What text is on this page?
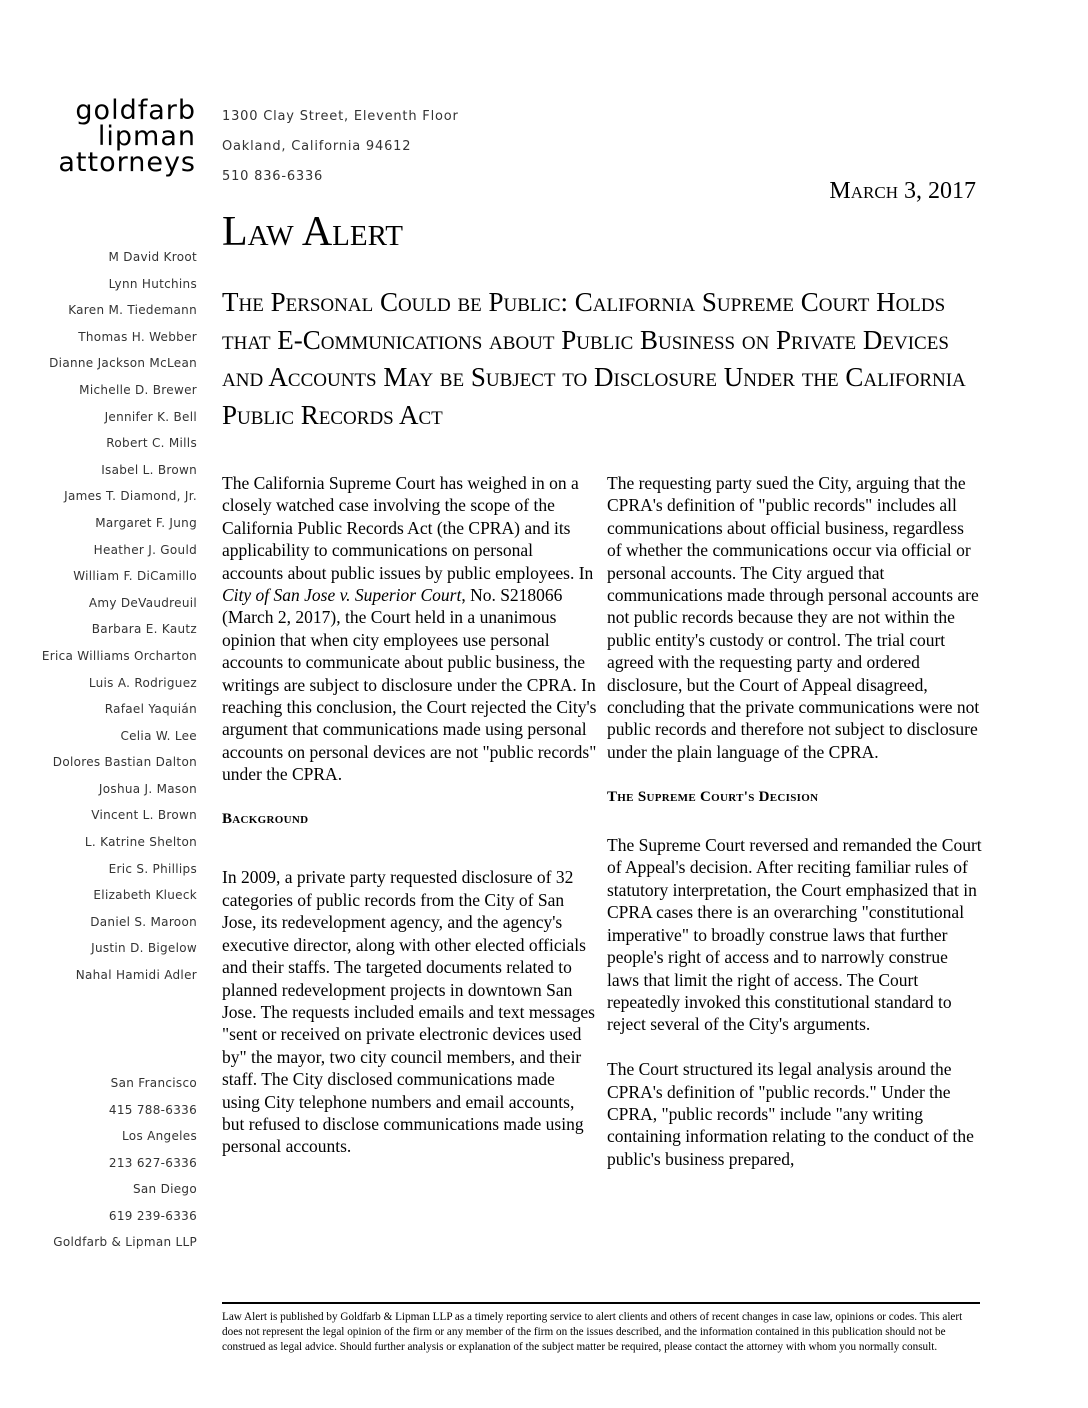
goldfarb
lipman
attorneys
1300 Clay Street, Eleventh Floor
Oakland, California 94612
510 836-6336
March 3, 2017
Law Alert
M David Kroot
Lynn Hutchins
Karen M. Tiedemann
Thomas H. Webber
Dianne Jackson McLean
Michelle D. Brewer
Jennifer K. Bell
Robert C. Mills
Isabel L. Brown
James T. Diamond, Jr.
Margaret F. Jung
Heather J. Gould
William F. DiCamillo
Amy DeVaudreuil
Barbara E. Kautz
Erica Williams Orcharton
Luis A. Rodriguez
Rafael Yaquián
Celia W. Lee
Dolores Bastian Dalton
Joshua J. Mason
Vincent L. Brown
L. Katrine Shelton
Eric S. Phillips
Elizabeth Klueck
Daniel S. Maroon
Justin D. Bigelow
Nahal Hamidi Adler
San Francisco
415 788-6336
Los Angeles
213 627-6336
San Diego
619 239-6336
Goldfarb & Lipman LLP
The Personal Could be Public: California Supreme Court Holds that E-Communications about Public Business on Private Devices and Accounts May be Subject to Disclosure Under the California Public Records Act

The California Supreme Court has weighed in on a closely watched case involving the scope of the California Public Records Act (the CPRA) and its applicability to communications on personal accounts about public issues by public employees. In City of San Jose v. Superior Court, No. S218066 (March 2, 2017), the Court held in a unanimous opinion that when city employees use personal accounts to communicate about public business, the writings are subject to disclosure under the CPRA. In reaching this conclusion, the Court rejected the City's argument that communications made using personal accounts on personal devices are not "public records" under the CPRA.

Background

In 2009, a private party requested disclosure of 32 categories of public records from the City of San Jose, its redevelopment agency, and the agency's executive director, along with other elected officials and their staffs. The targeted documents related to planned redevelopment projects in downtown San Jose. The requests included emails and text messages "sent or received on private electronic devices used by" the mayor, two city council members, and their staff. The City disclosed communications made using City telephone numbers and email accounts, but refused to disclose communications made using personal accounts.

The requesting party sued the City, arguing that the CPRA's definition of "public records" includes all communications about official business, regardless of whether the communications occur via official or personal accounts. The City argued that communications made through personal accounts are not public records because they are not within the public entity's custody or control. The trial court agreed with the requesting party and ordered disclosure, but the Court of Appeal disagreed, concluding that the private communications were not public records and therefore not subject to disclosure under the plain language of the CPRA.

The Supreme Court's Decision

The Supreme Court reversed and remanded the Court of Appeal's decision. After reciting familiar rules of statutory interpretation, the Court emphasized that in CPRA cases there is an overarching "constitutional imperative" to broadly construe laws that further people's right of access and to narrowly construe laws that limit the right of access. The Court repeatedly invoked this constitutional standard to reject several of the City's arguments.

The Court structured its legal analysis around the CPRA's definition of "public records." Under the CPRA, "public records" include "any writing containing information relating to the conduct of the public's business prepared,

Law Alert is published by Goldfarb & Lipman LLP as a timely reporting service to alert clients and others of recent changes in case law, opinions or codes. This alert does not represent the legal opinion of the firm or any member of the firm on the issues described, and the information contained in this publication should not be construed as legal advice. Should further analysis or explanation of the subject matter be required, please contact the attorney with whom you normally consult.
